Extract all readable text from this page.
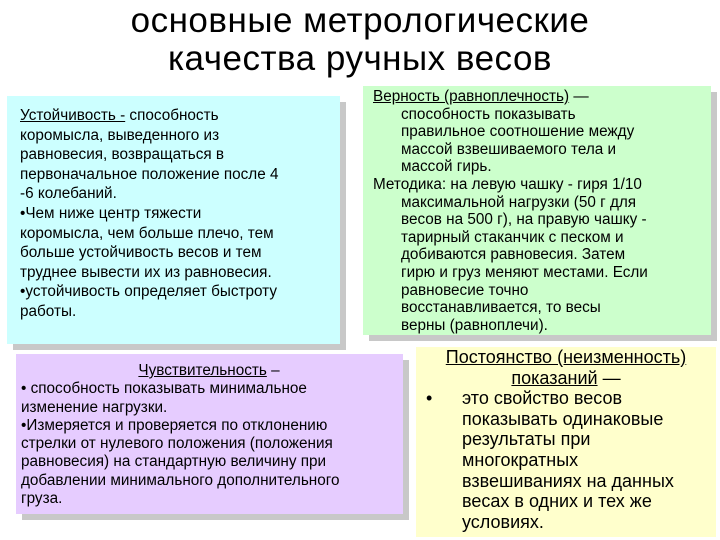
основные метрологические
качества ручных весов

Устойчивость - способность

коромысла, выведенного из

равновесия, возвращаться в

первоначальное положение после 4

-6 колебаний.

•Чем ниже центр тяжести

коромысла, чем больше плечо, тем

больше устойчивость весов и тем

труднее вывести их из равновесия.

•устойчивость определяет быстроту

работы.

Верность (равноплечность) —

способность показывать

правильное соотношение между

массой взвешиваемого тела и

массой гирь.

Методика: на левую чашку - гиря 1/10

максимальной нагрузки (50 г для

весов на 500 г), на правую чашку -

тарирный стаканчик с песком и

добиваются равновесия. Затем

гирю и груз меняют местами. Если

равновесие точно

восстанавливается, то весы

верны (равноплечи).

Чувствительность –

• способность показывать минимальное

изменение нагрузки.

•Измеряется и проверяется по отклонению

стрелки от нулевого положения (положения

равновесия) на стандартную величину при

добавлении минимального дополнительного

груза.

Постоянство (неизменность)

показаний —

•	это свойство весов

показывать одинаковые

результаты при

многократных

взвешиваниях на данных

весах в одних и тех же

условиях.
